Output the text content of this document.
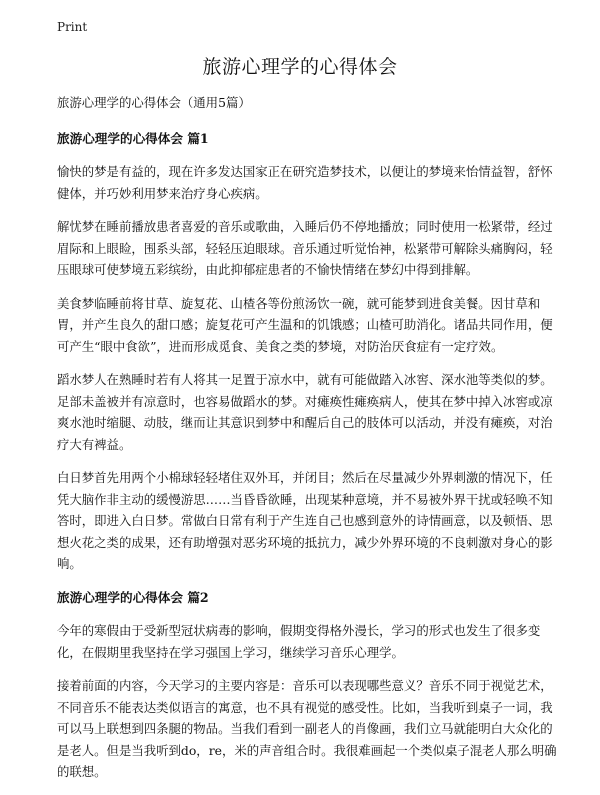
Print
旅游心理学的心得体会

旅游心理学的心得体会（通用5篇）

旅游心理学的心得体会 篇1

愉快的梦是有益的，现在许多发达国家正在研究造梦技术，以便让的梦境来怡情益智，舒怀健体，并巧妙利用梦来治疗身心疾病。

解忧梦在睡前播放患者喜爱的音乐或歌曲，入睡后仍不停地播放；同时使用一松紧带，经过眉际和上眼睑，围系头部，轻轻压迫眼球。音乐通过听觉怡神，松紧带可解除头痛胸闷，轻压眼球可使梦境五彩缤纷，由此抑郁症患者的不愉快情绪在梦幻中得到排解。

美食梦临睡前将甘草、旋复花、山楂各等份煎汤饮一碗，就可能梦到进食美餐。因甘草和胃，并产生良久的甜口感；旋复花可产生温和的饥饿感；山楂可助消化。诸品共同作用，便可产生“眼中食欲”，进而形成觅食、美食之类的梦境，对防治厌食症有一定疗效。

蹈水梦人在熟睡时若有人将其一足置于凉水中，就有可能做踏入冰窖、深水池等类似的梦。足部未盖被并有凉意时，也容易做蹈水的梦。对瘫痪性瘫痪病人，使其在梦中掉入冰窖或凉爽水池时缩腿、动肢，继而让其意识到梦中和醒后自己的肢体可以活动，并没有瘫痪，对治疗大有裨益。

白日梦首先用两个小棉球轻轻堵住双外耳，并闭目；然后在尽量减少外界刺激的情况下，任凭大脑作非主动的缓慢游思……当昏昏欲睡，出现某种意境，并不易被外界干扰或轻唤不知答时，即进入白日梦。常做白日常有利于产生连自己也感到意外的诗情画意，以及顿悟、思想火花之类的成果，还有助增强对恶劣环境的抵抗力，减少外界环境的不良刺激对身心的影响。

旅游心理学的心得体会 篇2

今年的寒假由于受新型冠状病毒的影响，假期变得格外漫长，学习的形式也发生了很多变化，在假期里我坚持在学习强国上学习，继续学习音乐心理学。

接着前面的内容，今天学习的主要内容是：音乐可以表现哪些意义？音乐不同于视觉艺术，不同音乐不能表达类似语言的寓意，也不具有视觉的感受性。比如，当我听到桌子一词，我可以马上联想到四条腿的物品。当我们看到一副老人的肖像画，我们立马就能明白大众化的是老人。但是当我听到do，re，米的声音组合时。我很难画起一个类似桌子混老人那么明确的联想。
